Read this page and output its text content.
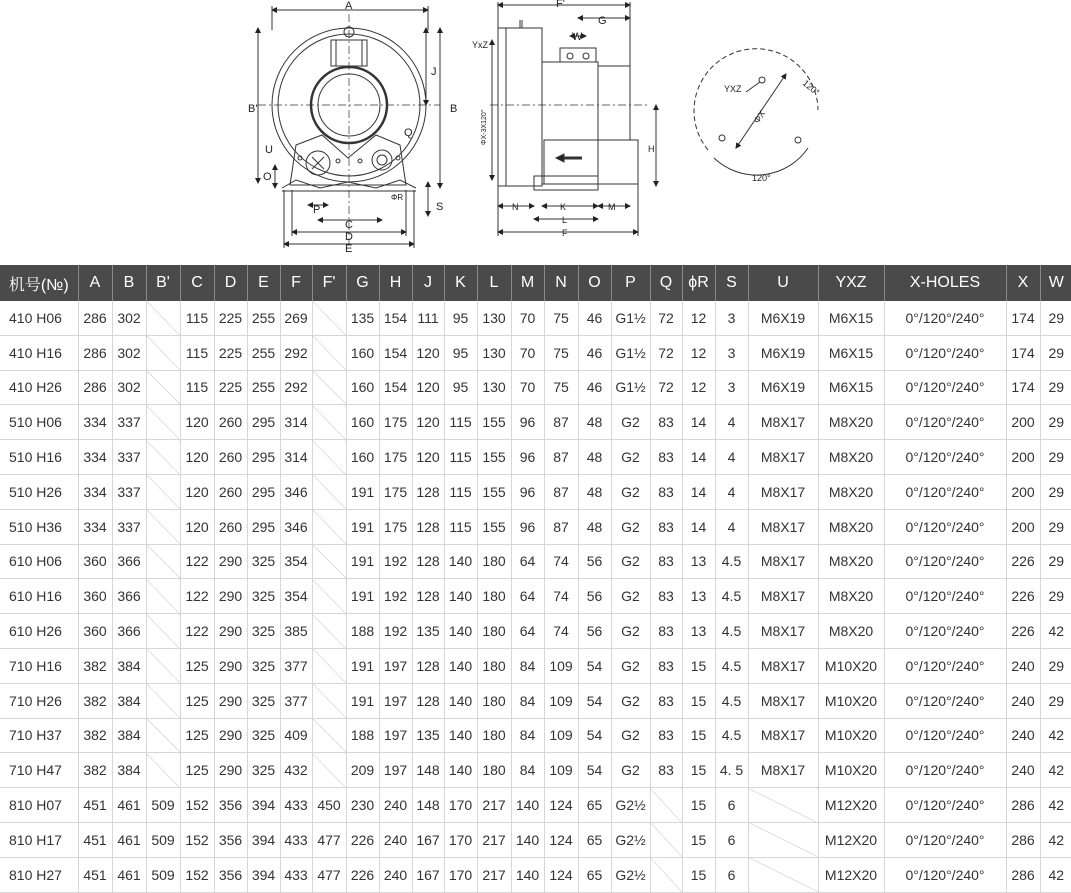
A
B'	B
J
Q
U
O
S
P
C
D
E
ΦR
F'
G
W
YxZ
ΦX-3X120°
H
N	K
L
M
F
YXZ
ΦX
120°
120°
机号(№)	A	B	B'	C	D	E	F	F'	G	H	J	K	L	M	N	O	P	Q	ϕR	S	U	YXZ	X-HOLES	X	W
410 H06	286	302		115	225	255	269		135	154	111	95	130	70	75	46	G1½	72	12	3	M6X19	M6X15	0°/120°/240°	174	29
410 H16	286	302		115	225	255	292		160	154	120	95	130	70	75	46	G1½	72	12	3	M6X19	M6X15	0°/120°/240°	174	29
410 H26	286	302		115	225	255	292		160	154	120	95	130	70	75	46	G1½	72	12	3	M6X19	M6X15	0°/120°/240°	174	29
510 H06	334	337		120	260	295	314		160	175	120	115	155	96	87	48	G2	83	14	4	M8X17	M8X20	0°/120°/240°	200	29
510 H16	334	337		120	260	295	314		160	175	120	115	155	96	87	48	G2	83	14	4	M8X17	M8X20	0°/120°/240°	200	29
510 H26	334	337		120	260	295	346		191	175	128	115	155	96	87	48	G2	83	14	4	M8X17	M8X20	0°/120°/240°	200	29
510 H36	334	337		120	260	295	346		191	175	128	115	155	96	87	48	G2	83	14	4	M8X17	M8X20	0°/120°/240°	200	29
610 H06	360	366		122	290	325	354		191	192	128	140	180	64	74	56	G2	83	13	4.5	M8X17	M8X20	0°/120°/240°	226	29
610 H16	360	366		122	290	325	354		191	192	128	140	180	64	74	56	G2	83	13	4.5	M8X17	M8X20	0°/120°/240°	226	29
610 H26	360	366		122	290	325	385		188	192	135	140	180	64	74	56	G2	83	13	4.5	M8X17	M8X20	0°/120°/240°	226	42
710 H16	382	384		125	290	325	377		191	197	128	140	180	84	109	54	G2	83	15	4.5	M8X17	M10X20	0°/120°/240°	240	29
710 H26	382	384		125	290	325	377		191	197	128	140	180	84	109	54	G2	83	15	4.5	M8X17	M10X20	0°/120°/240°	240	29
710 H37	382	384		125	290	325	409		188	197	135	140	180	84	109	54	G2	83	15	4.5	M8X17	M10X20	0°/120°/240°	240	42
710 H47	382	384		125	290	325	432		209	197	148	140	180	84	109	54	G2	83	15	4. 5	M8X17	M10X20	0°/120°/240°	240	42
810 H07	451	461	509	152	356	394	433	450	230	240	148	170	217	140	124	65	G2½		15	6		M12X20	0°/120°/240°	286	42
810 H17	451	461	509	152	356	394	433	477	226	240	167	170	217	140	124	65	G2½		15	6		M12X20	0°/120°/240°	286	42
810 H27	451	461	509	152	356	394	433	477	226	240	167	170	217	140	124	65	G2½		15	6		M12X20	0°/120°/240°	286	42
